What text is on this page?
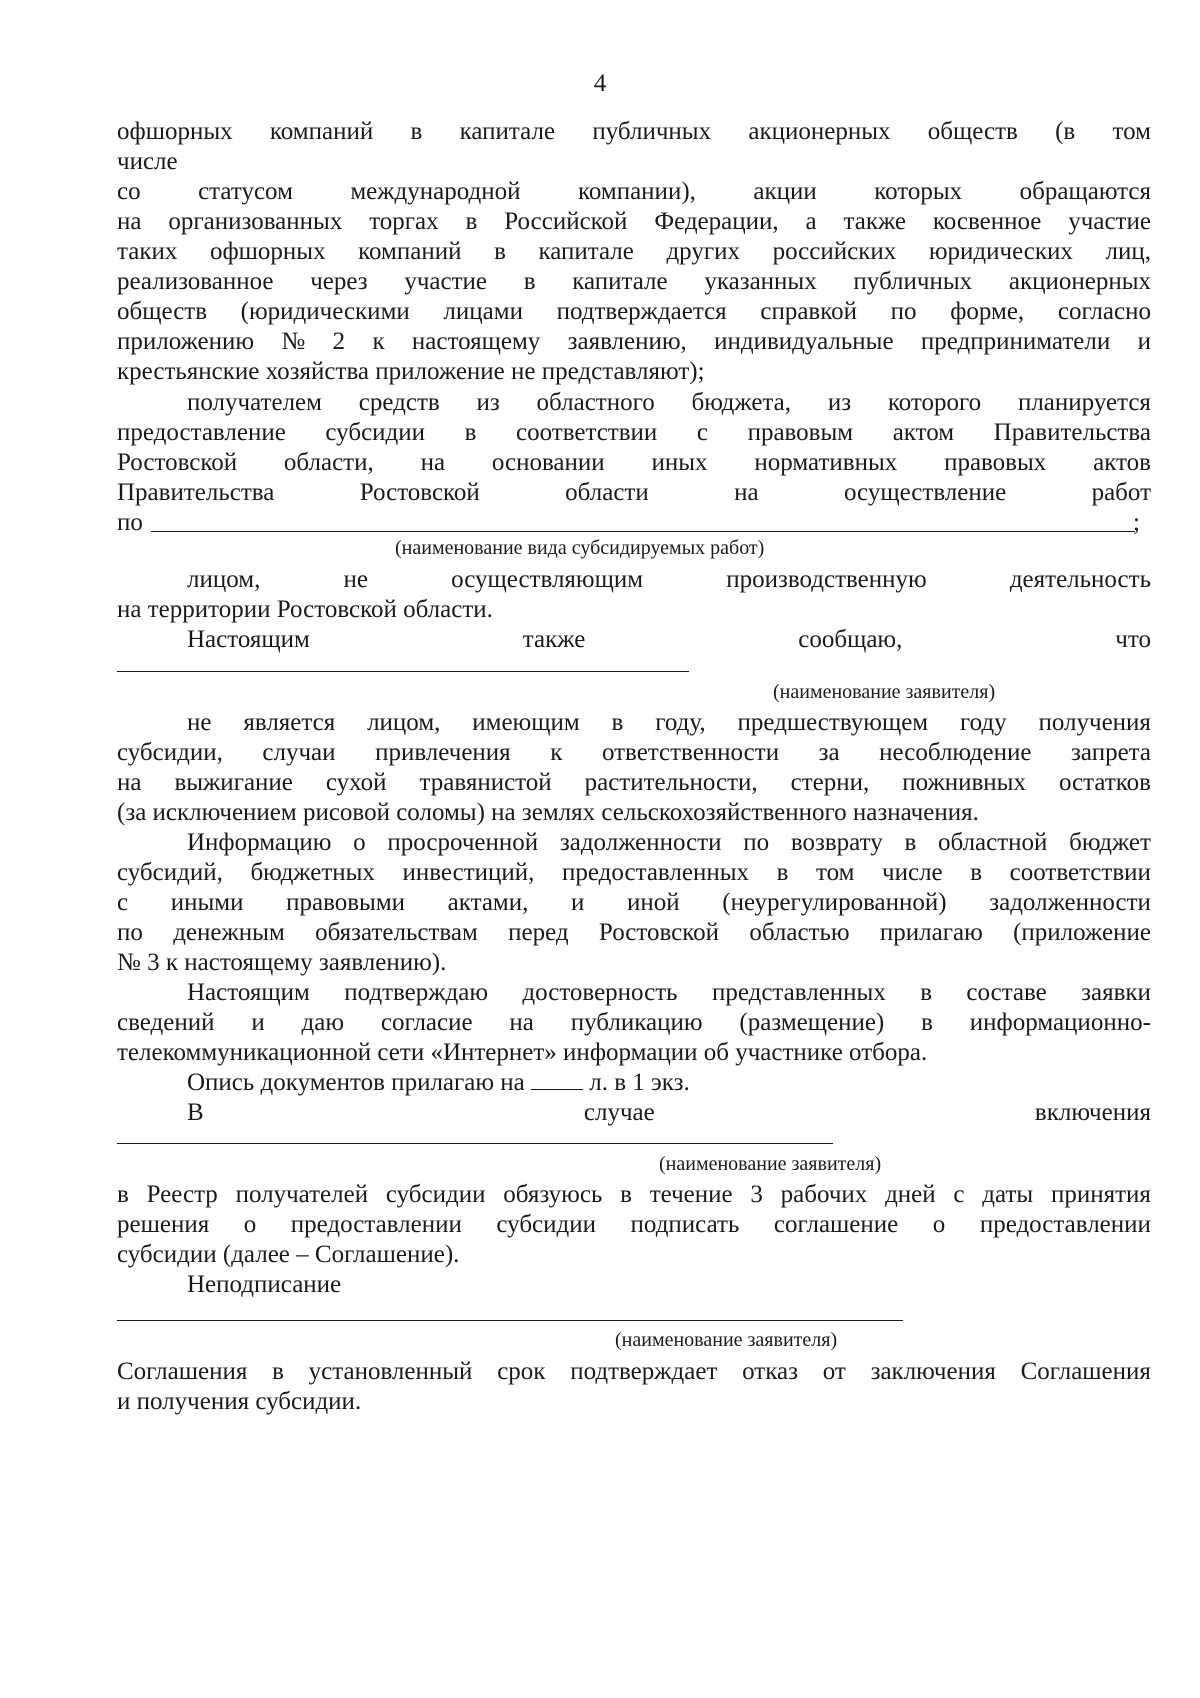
4
офшорных компаний в капитале публичных акционерных обществ (в том
числе
со статусом международной компании), акции которых обращаются
на организованных торгах в Российской Федерации, а также косвенное участие
таких офшорных компаний в капитале других российских юридических лиц,
реализованное через участие в капитале указанных публичных акционерных
обществ (юридическими лицами подтверждается справкой по форме, согласно
приложению № 2 к настоящему заявлению, индивидуальные предприниматели и
крестьянские хозяйства приложение не представляют);
получателем средств из областного бюджета, из которого планируется
предоставление субсидии в соответствии с правовым актом Правительства
Ростовской области, на основании иных нормативных правовых актов
Правительства	Ростовской	области	на	осуществление	работ
по	;
(наименование вида субсидируемых работ)
лицом,	не	осуществляющим	производственную	деятельность
на территории Ростовской области.
Настоящим	также	сообщаю,	что
(наименование заявителя)
не является лицом, имеющим в году, предшествующем году получения
субсидии, случаи привлечения к ответственности за несоблюдение запрета
на выжигание сухой травянистой растительности, стерни, пожнивных остатков
(за исключением рисовой соломы) на землях сельскохозяйственного назначения.
Информацию о просроченной задолженности по возврату в областной бюджет
субсидий, бюджетных инвестиций, предоставленных в том числе в соответствии
с иными правовыми актами, и иной (неурегулированной) задолженности
по денежным обязательствам перед Ростовской областью прилагаю (приложение
№ 3 к настоящему заявлению).
Настоящим подтверждаю достоверность представленных в составе заявки
сведений и даю согласие на публикацию (размещение) в информационно-
телекоммуникационной сети «Интернет» информации об участнике отбора.
Опись документов прилагаю на	л. в 1 экз.
В	случае	включения
(наименование заявителя)
в Реестр получателей субсидии обязуюсь в течение 3 рабочих дней с даты принятия
решения о предоставлении субсидии подписать соглашение о предоставлении
субсидии (далее – Соглашение).
Неподписание
(наименование заявителя)
Соглашения в установленный срок подтверждает отказ от заключения Соглашения
и получения субсидии.
